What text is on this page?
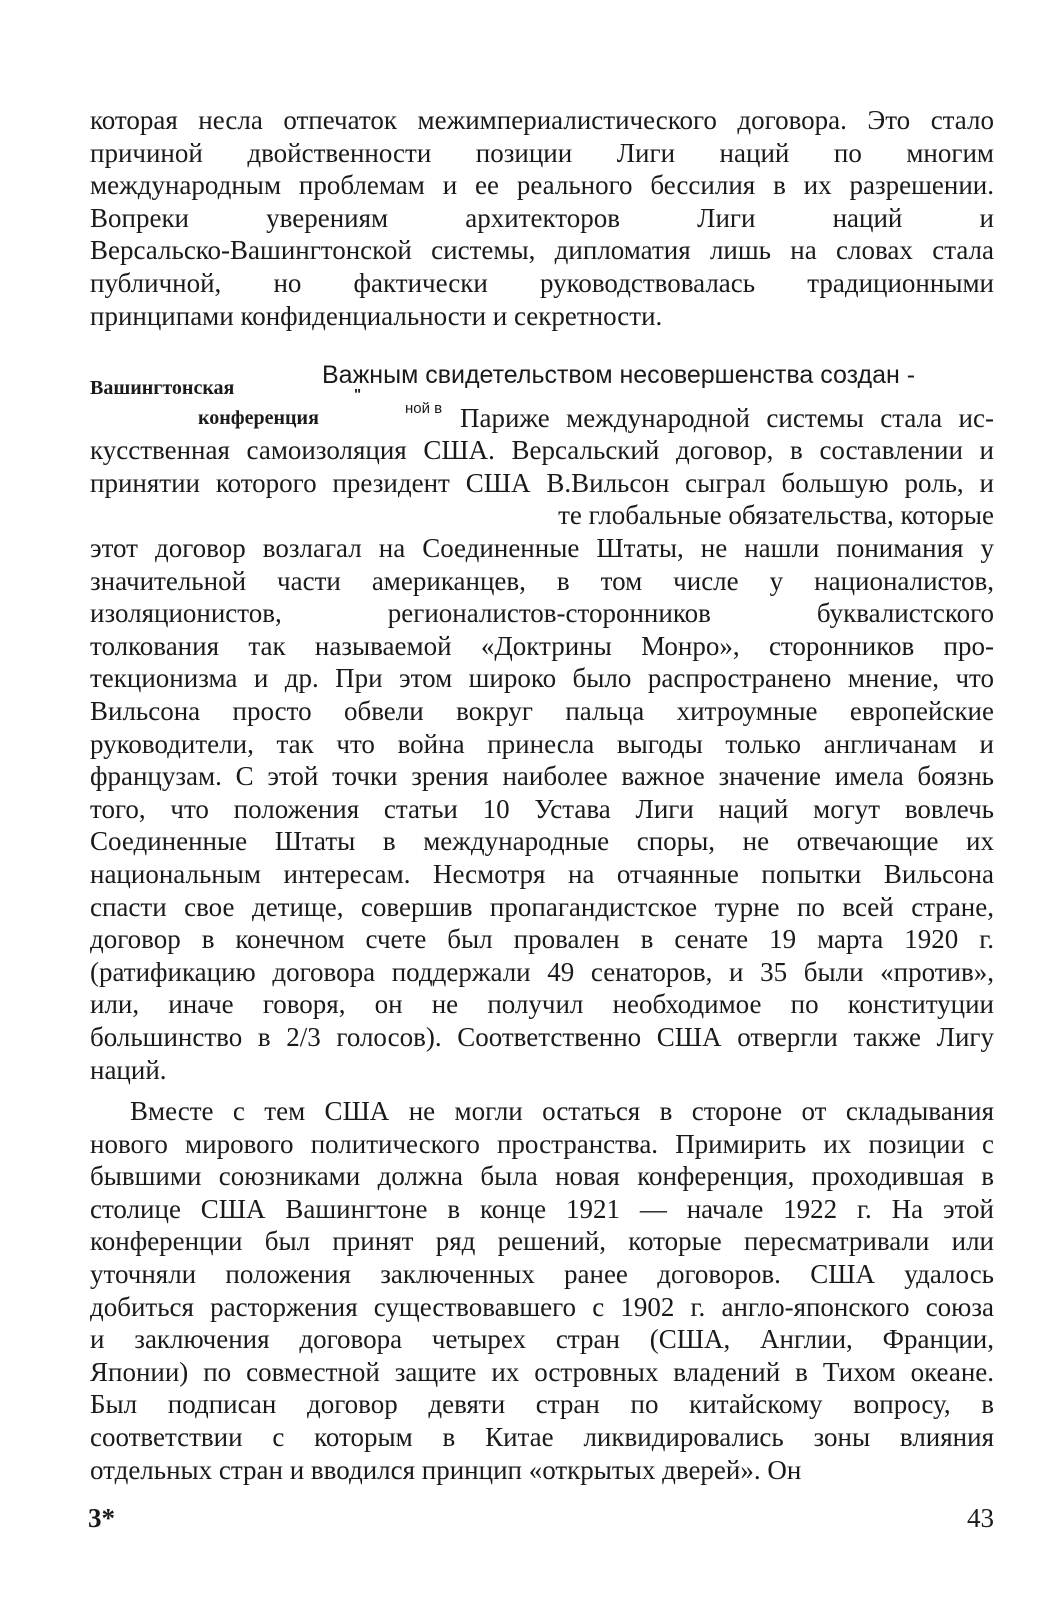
которая несла отпечаток межимпериалистического договора. Это стало
причиной двойственности позиции Лиги наций по многим
международным проблемам и ее реального бессилия в их разрешении.
Вопреки уверениям архитекторов Лиги наций и
Версальско-Вашингтонской системы, дипломатия лишь на словах стала
публичной, но фактически руководствовалась традиционными
принципами конфиденциальности и секретности.
Вашингтонская
конференция
Важным свидетельством несовершенства создан -
"
ной в Париже международной системы стала ис-
кусственная самоизоляция США. Версальский договор, в составлении и
принятии которого президент США В.Вильсон сыграл большую роль, и
те глобальные обязательства, которые
этот договор возлагал на Соединенные Штаты, не нашли понимания у
значительной части американцев, в том числе у националистов,
изоляционистов, регионалистов-сторонников буквалистского
толкования так называемой «Доктрины Монро», сторонников про-
текционизма и др. При этом широко было распространено мнение, что
Вильсона просто обвели вокруг пальца хитроумные европейские
руководители, так что война принесла выгоды только англичанам и
французам. С этой точки зрения наиболее важное значение имела боязнь
того, что положения статьи 10 Устава Лиги наций могут вовлечь
Соединенные Штаты в международные споры, не отвечающие их
национальным интересам. Несмотря на отчаянные попытки Вильсона
спасти свое детище, совершив пропагандистское турне по всей стране,
договор в конечном счете был провален в сенате 19 марта 1920 г.
(ратификацию договора поддержали 49 сенаторов, и 35 были «против»,
или, иначе говоря, он не получил необходимое по конституции
большинство в 2/3 голосов). Соответственно США отвергли также Лигу
наций.
Вместе с тем США не могли остаться в стороне от складывания
нового мирового политического пространства. Примирить их позиции с
бывшими союзниками должна была новая конференция, проходившая в
столице США Вашингтоне в конце 1921 — начале 1922 г. На этой
конференции был принят ряд решений, которые пересматривали или
уточняли положения заключенных ранее договоров. США удалось
добиться расторжения существовавшего с 1902 г. англо-японского союза
и заключения договора четырех стран (США, Англии, Франции,
Японии) по совместной защите их островных владений в Тихом океане.
Был подписан договор девяти стран по китайскому вопросу, в
соответствии с которым в Китае ликвидировались зоны влияния
отдельных стран и вводился принцип «открытых дверей». Он
3*	43
